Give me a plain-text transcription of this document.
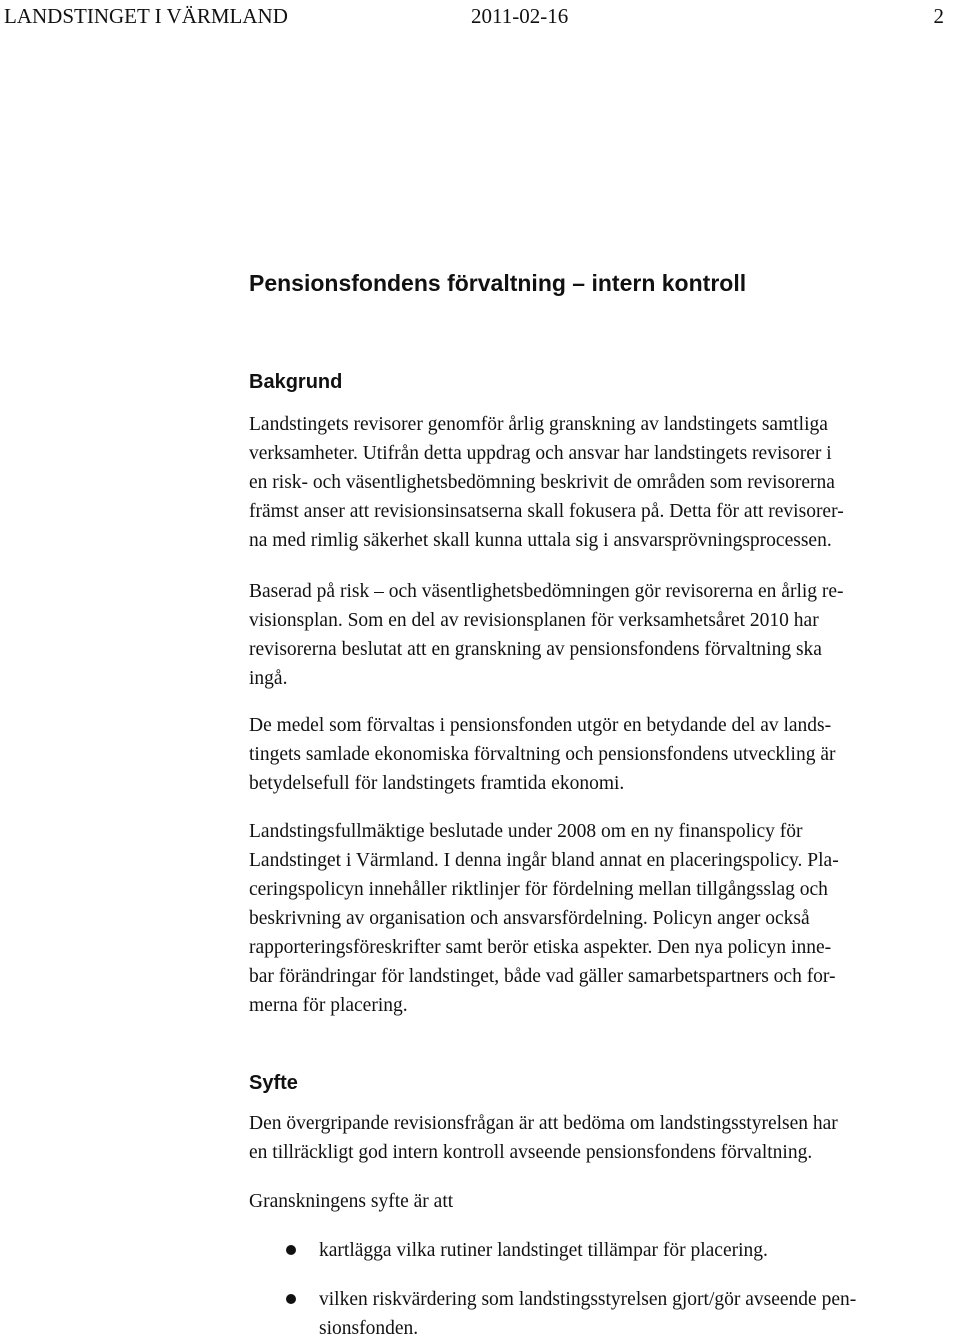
LANDSTINGET I VÄRMLAND	2011-02-16	2
Pensionsfondens förvaltning – intern kontroll
Bakgrund

Landstingets revisorer genomför årlig granskning av landstingets samtliga
verksamheter. Utifrån detta uppdrag och ansvar har landstingets revisorer i
en risk- och väsentlighetsbedömning beskrivit de områden som revisorerna
främst anser att revisionsinsatserna skall fokusera på. Detta för att revisorer-
na med rimlig säkerhet skall kunna uttala sig i ansvarsprövningsprocessen.

Baserad på risk – och väsentlighetsbedömningen gör revisorerna en årlig re-
visionsplan. Som en del av revisionsplanen för verksamhetsåret 2010 har
revisorerna beslutat att en granskning av pensionsfondens förvaltning ska
ingå.

De medel som förvaltas i pensionsfonden utgör en betydande del av lands-
tingets samlade ekonomiska förvaltning och pensionsfondens utveckling är
betydelsefull för landstingets framtida ekonomi.

Landstingsfullmäktige beslutade under 2008 om en ny finanspolicy för
Landstinget i Värmland. I denna ingår bland annat en placeringspolicy. Pla-
ceringspolicyn innehåller riktlinjer för fördelning mellan tillgångsslag och
beskrivning av organisation och ansvarsfördelning. Policyn anger också
rapporteringsföreskrifter samt berör etiska aspekter. Den nya policyn inne-
bar förändringar för landstinget, både vad gäller samarbetspartners och for-
merna för placering.

Syfte

Den övergripande revisionsfrågan är att bedöma om landstingsstyrelsen har
en tillräckligt god intern kontroll avseende pensionsfondens förvaltning.

Granskningens syfte är att

kartlägga vilka rutiner landstinget tillämpar för placering.
vilken riskvärdering som landstingsstyrelsen gjort/gör avseende pen-
sionsfonden.
